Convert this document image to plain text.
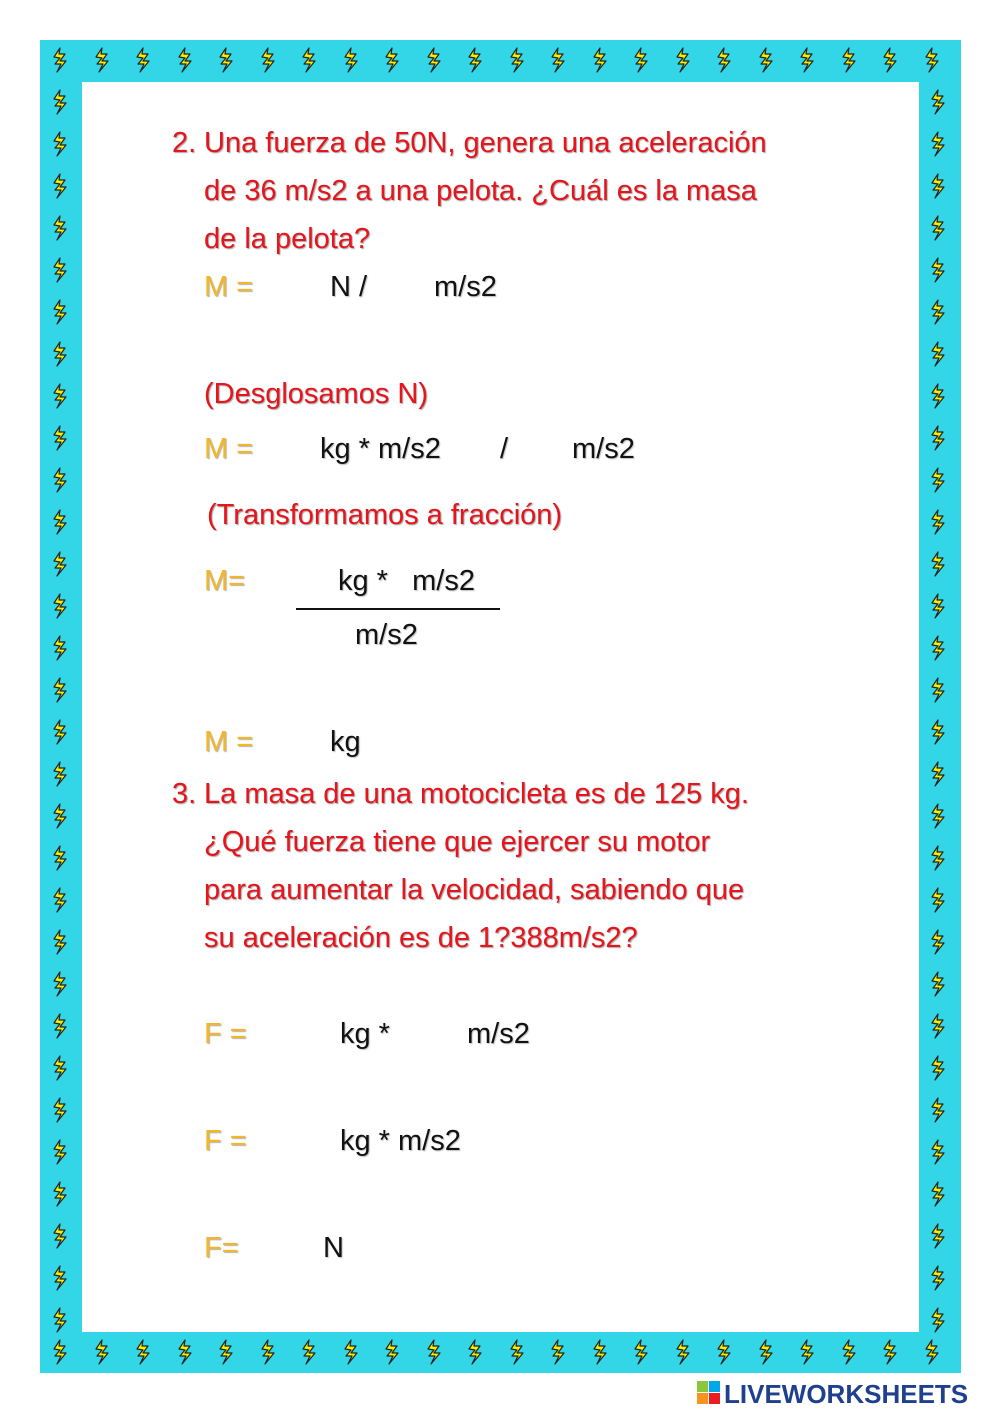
2. Una fuerza de 50N, genera una aceleración
de 36 m/s2 a una pelota. ¿Cuál es la masa
de la pelota?
M =	N / m/s2
(Desglosamos N)
M = kg * m/s2 / m/s2
(Transformamos a fracción)
M=	kg *   m/s2
m/s2
M =	kg
3. La masa de una motocicleta es de 125 kg.
¿Qué fuerza tiene que ejercer su motor
para aumentar la velocidad, sabiendo que
su aceleración es de 1?388m/s2?
F =	kg *	m/s2
F =	kg * m/s2
F=	N
LIVEWORKSHEETS
